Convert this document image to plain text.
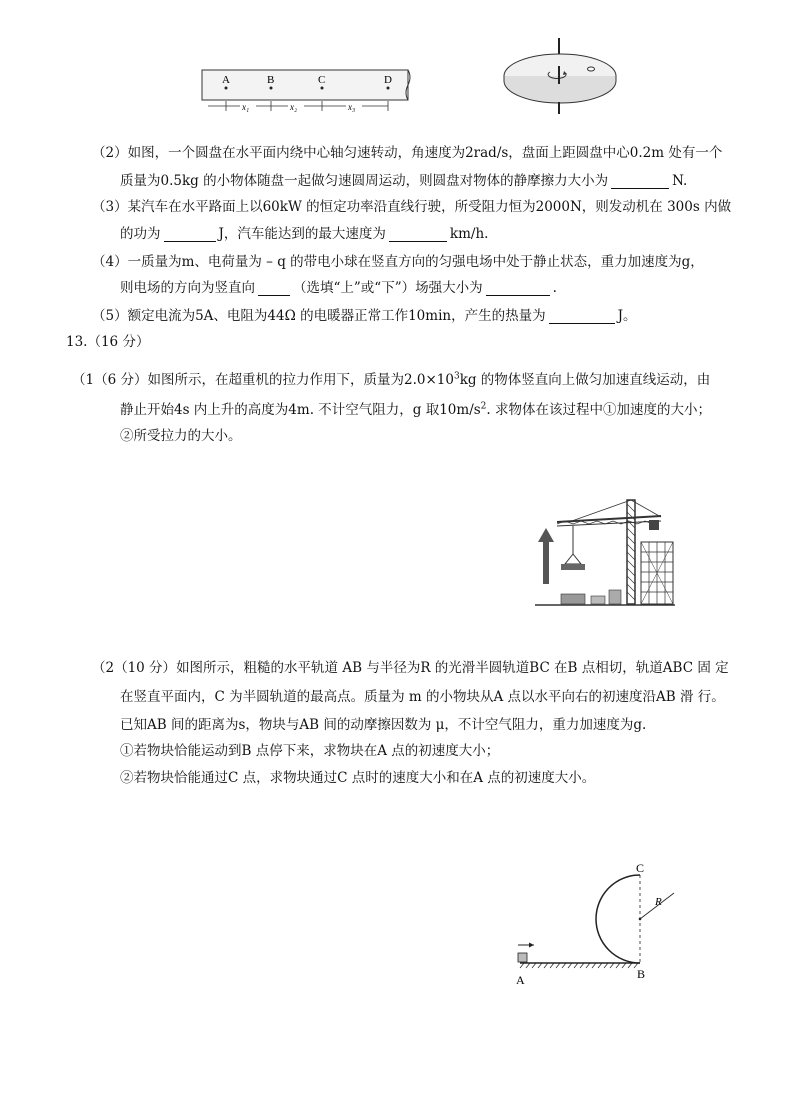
A	B	C	D
x₁	x₂	x₃
（2）如图，一个圆盘在水平面内绕中心轴匀速转动，角速度为2rad/s，盘面上距圆盘中心0.2m 处有一个
质量为0.5kg 的小物体随盘一起做匀速圆周运动，则圆盘对物体的静摩擦力大小为	N.
（3）某汽车在水平路面上以60kW 的恒定功率沿直线行驶，所受阻力恒为2000N，则发动机在 300s 内做
的功为	J，汽车能达到的最大速度为	km/h.
（4）一质量为m、电荷量为 – q 的带电小球在竖直方向的匀强电场中处于静止状态，重力加速度为g，
则电场的方向为竖直向	（选填“上”或“下”）场强大小为	.
（5）额定电流为5A、电阻为44Ω 的电暖器正常工作10min，产生的热量为	J。
13.（16 分）
（1（6 分）如图所示，在超重机的拉力作用下，质量为$2.0\times 10^3kg$ 的物体竖直向上做匀加速直线运动，由
静止开始4s 内上升的高度为4m. 不计空气阻力，g 取$10m/s^2$. 求物体在该过程中①加速度的大小；
②所受拉力的大小。
（2（10 分）如图所示，粗糙的水平轨道 AB 与半径为R 的光滑半圆轨道BC 在B 点相切，轨道ABC 固 定
在竖直平面内，C 为半圆轨道的最高点。质量为 m 的小物块从A 点以水平向右的初速度沿AB 滑 行。
已知AB 间的距离为s，物块与AB 间的动摩擦因数为 μ，不计空气阻力，重力加速度为g.
①若物块恰能运动到B 点停下来，求物块在A 点的初速度大小；
②若物块恰能通过C 点，求物块通过C 点时的速度大小和在A 点的初速度大小。
A	B
C
R
